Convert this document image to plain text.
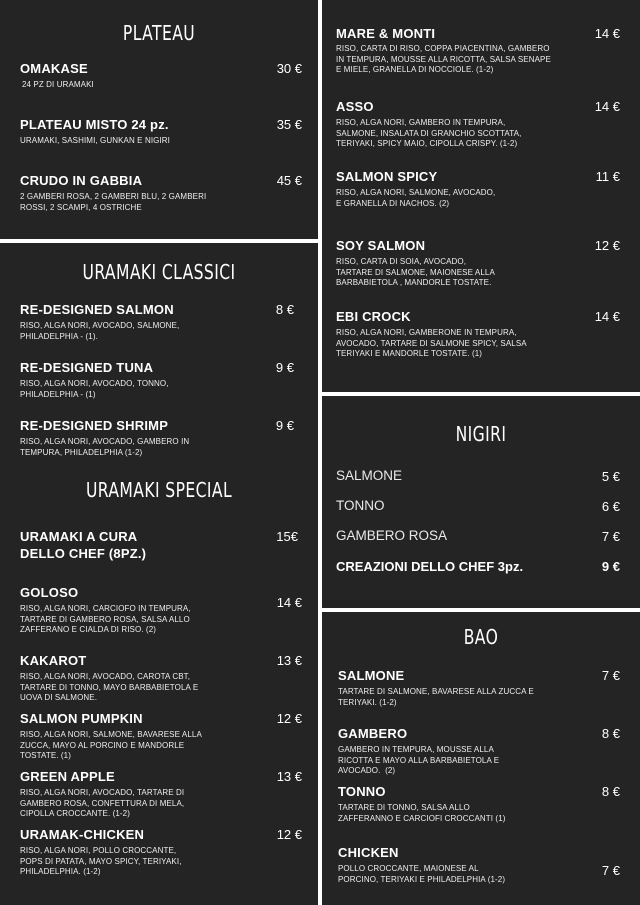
PLATEAU
OMAKASE
24 PZ DI URAMAKI
30 €
PLATEAU MISTO 24 pz.
URAMAKI, SASHIMI, GUNKAN E NIGIRI
35 €
CRUDO IN GABBIA
2 GAMBERI ROSA, 2 GAMBERI BLU, 2 GAMBERI
ROSSI, 2 SCAMPI, 4 OSTRICHE
45 €
URAMAKI CLASSICI
RE-DESIGNED SALMON
RISO, ALGA NORI, AVOCADO, SALMONE,
PHILADELPHIA - (1).
8 €
RE-DESIGNED TUNA
RISO, ALGA NORI, AVOCADO, TONNO,
PHILADELPHIA - (1)
9 €
RE-DESIGNED SHRIMP
RISO, ALGA NORI, AVOCADO, GAMBERO IN
TEMPURA, PHILADELPHIA (1-2)
9 €
URAMAKI SPECIAL
URAMAKI A CURA
DELLO CHEF (8PZ.)
15€
GOLOSO
RISO, ALGA NORI, CARCIOFO IN TEMPURA,
TARTARE DI GAMBERO ROSA, SALSA ALLO
ZAFFERANO E CIALDA DI RISO. (2)
14 €
KAKAROT
RISO, ALGA NORI, AVOCADO, CAROTA CBT,
TARTARE DI TONNO, MAYO BARBABIETOLA E
UOVA DI SALMONE.
13 €
SALMON PUMPKIN
RISO, ALGA NORI, SALMONE, BAVARESE ALLA
ZUCCA, MAYO AL PORCINO E MANDORLE
TOSTATE. (1)
12 €
GREEN APPLE
RISO, ALGA NORI, AVOCADO, TARTARE DI
GAMBERO ROSA, CONFETTURA DI MELA,
CIPOLLA CROCCANTE. (1-2)
13 €
URAMAK-CHICKEN
RISO, ALGA NORI, POLLO CROCCANTE,
POPS DI PATATA, MAYO SPICY, TERIYAKI,
PHILADELPHIA. (1-2)
12 €
MARE & MONTI
RISO, CARTA DI RISO, COPPA PIACENTINA, GAMBERO
IN TEMPURA, MOUSSE ALLA RICOTTA, SALSA SENAPE
E MIELE, GRANELLA DI NOCCIOLE. (1-2)
14 €
ASSO
RISO, ALGA NORI, GAMBERO IN TEMPURA,
SALMONE, INSALATA DI GRANCHIO SCOTTATA,
TERIYAKI, SPICY MAIO, CIPOLLA CRISPY. (1-2)
14 €
SALMON SPICY
RISO, ALGA NORI, SALMONE, AVOCADO,
E GRANELLA DI NACHOS. (2)
11 €
SOY SALMON
RISO, CARTA DI SOIA, AVOCADO,
TARTARE DI SALMONE, MAIONESE ALLA
BARBABIETOLA , MANDORLE TOSTATE.
12 €
EBI CROCK
RISO, ALGA NORI, GAMBERONE IN TEMPURA,
AVOCADO, TARTARE DI SALMONE SPICY, SALSA
TERIYAKI E MANDORLE TOSTATE. (1)
14 €
NIGIRI
SALMONE	5 €
TONNO	6 €
GAMBERO ROSA	7 €
CREAZIONI DELLO CHEF 3pz.	9 €
BAO
SALMONE
TARTARE DI SALMONE, BAVARESE ALLA ZUCCA E
TERIYAKI. (1-2)
7 €
GAMBERO
GAMBERO IN TEMPURA, MOUSSE ALLA
RICOTTA E MAYO ALLA BARBABIETOLA E
AVOCADO.  (2)
8 €
TONNO
TARTARE DI TONNO, SALSA ALLO
ZAFFERANNO E CARCIOFI CROCCANTI (1)
8 €
CHICKEN
POLLO CROCCANTE, MAIONESE AL
PORCINO, TERIYAKI E PHILADELPHIA (1-2)
7 €
